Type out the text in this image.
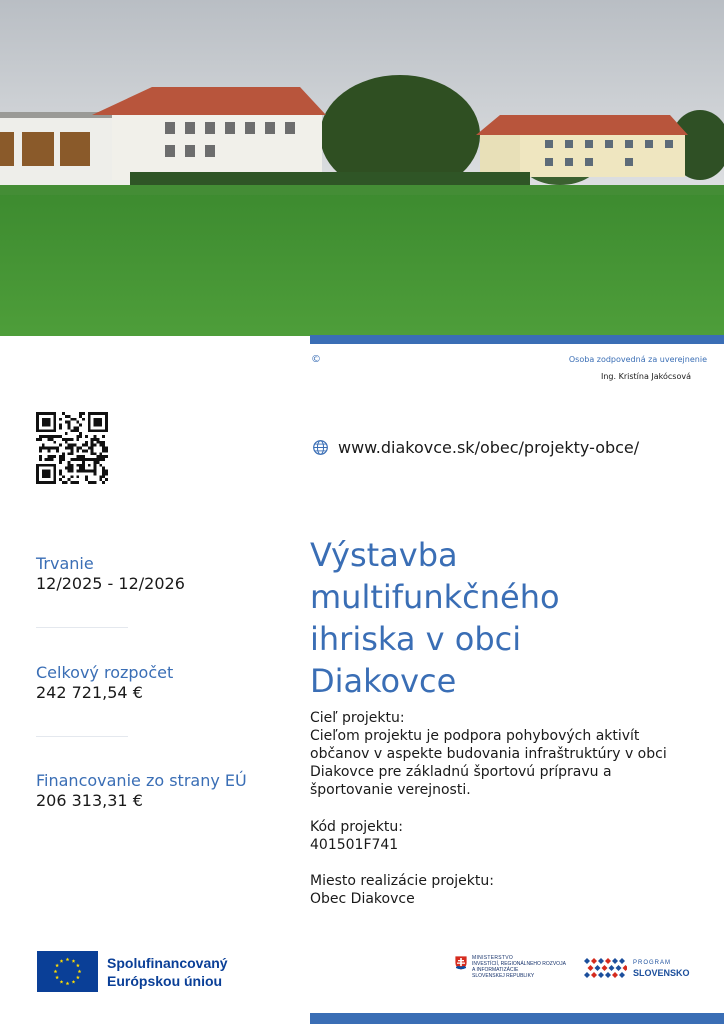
©	Osoba zodpovedná za uverejnenie
Ing. Kristína Jakócsová
www.diakovce.sk/obec/projekty-obce/
Trvanie
12/2025 - 12/2026
Celkový rozpočet
242 721,54 €
Financovanie zo strany EÚ
206 313,31 €
Výstavba
multifunkčného
ihriska v obci
Diakovce
Cieľ projektu:
Cieľom projektu je podpora pohybových aktivít
občanov v aspekte budovania infraštruktúry v obci
Diakovce pre základnú športovú prípravu a
športovanie verejnosti.
Kód projektu:
401501F741
Miesto realizácie projektu:
Obec Diakovce
Spolufinancovaný
Európskou úniou
MINISTERSTVO
INVESTÍCIÍ, REGIONÁLNEHO ROZVOJA
A INFORMATIZÁCIE
SLOVENSKEJ REPUBLIKY
PROGRAM
SLOVENSKO
